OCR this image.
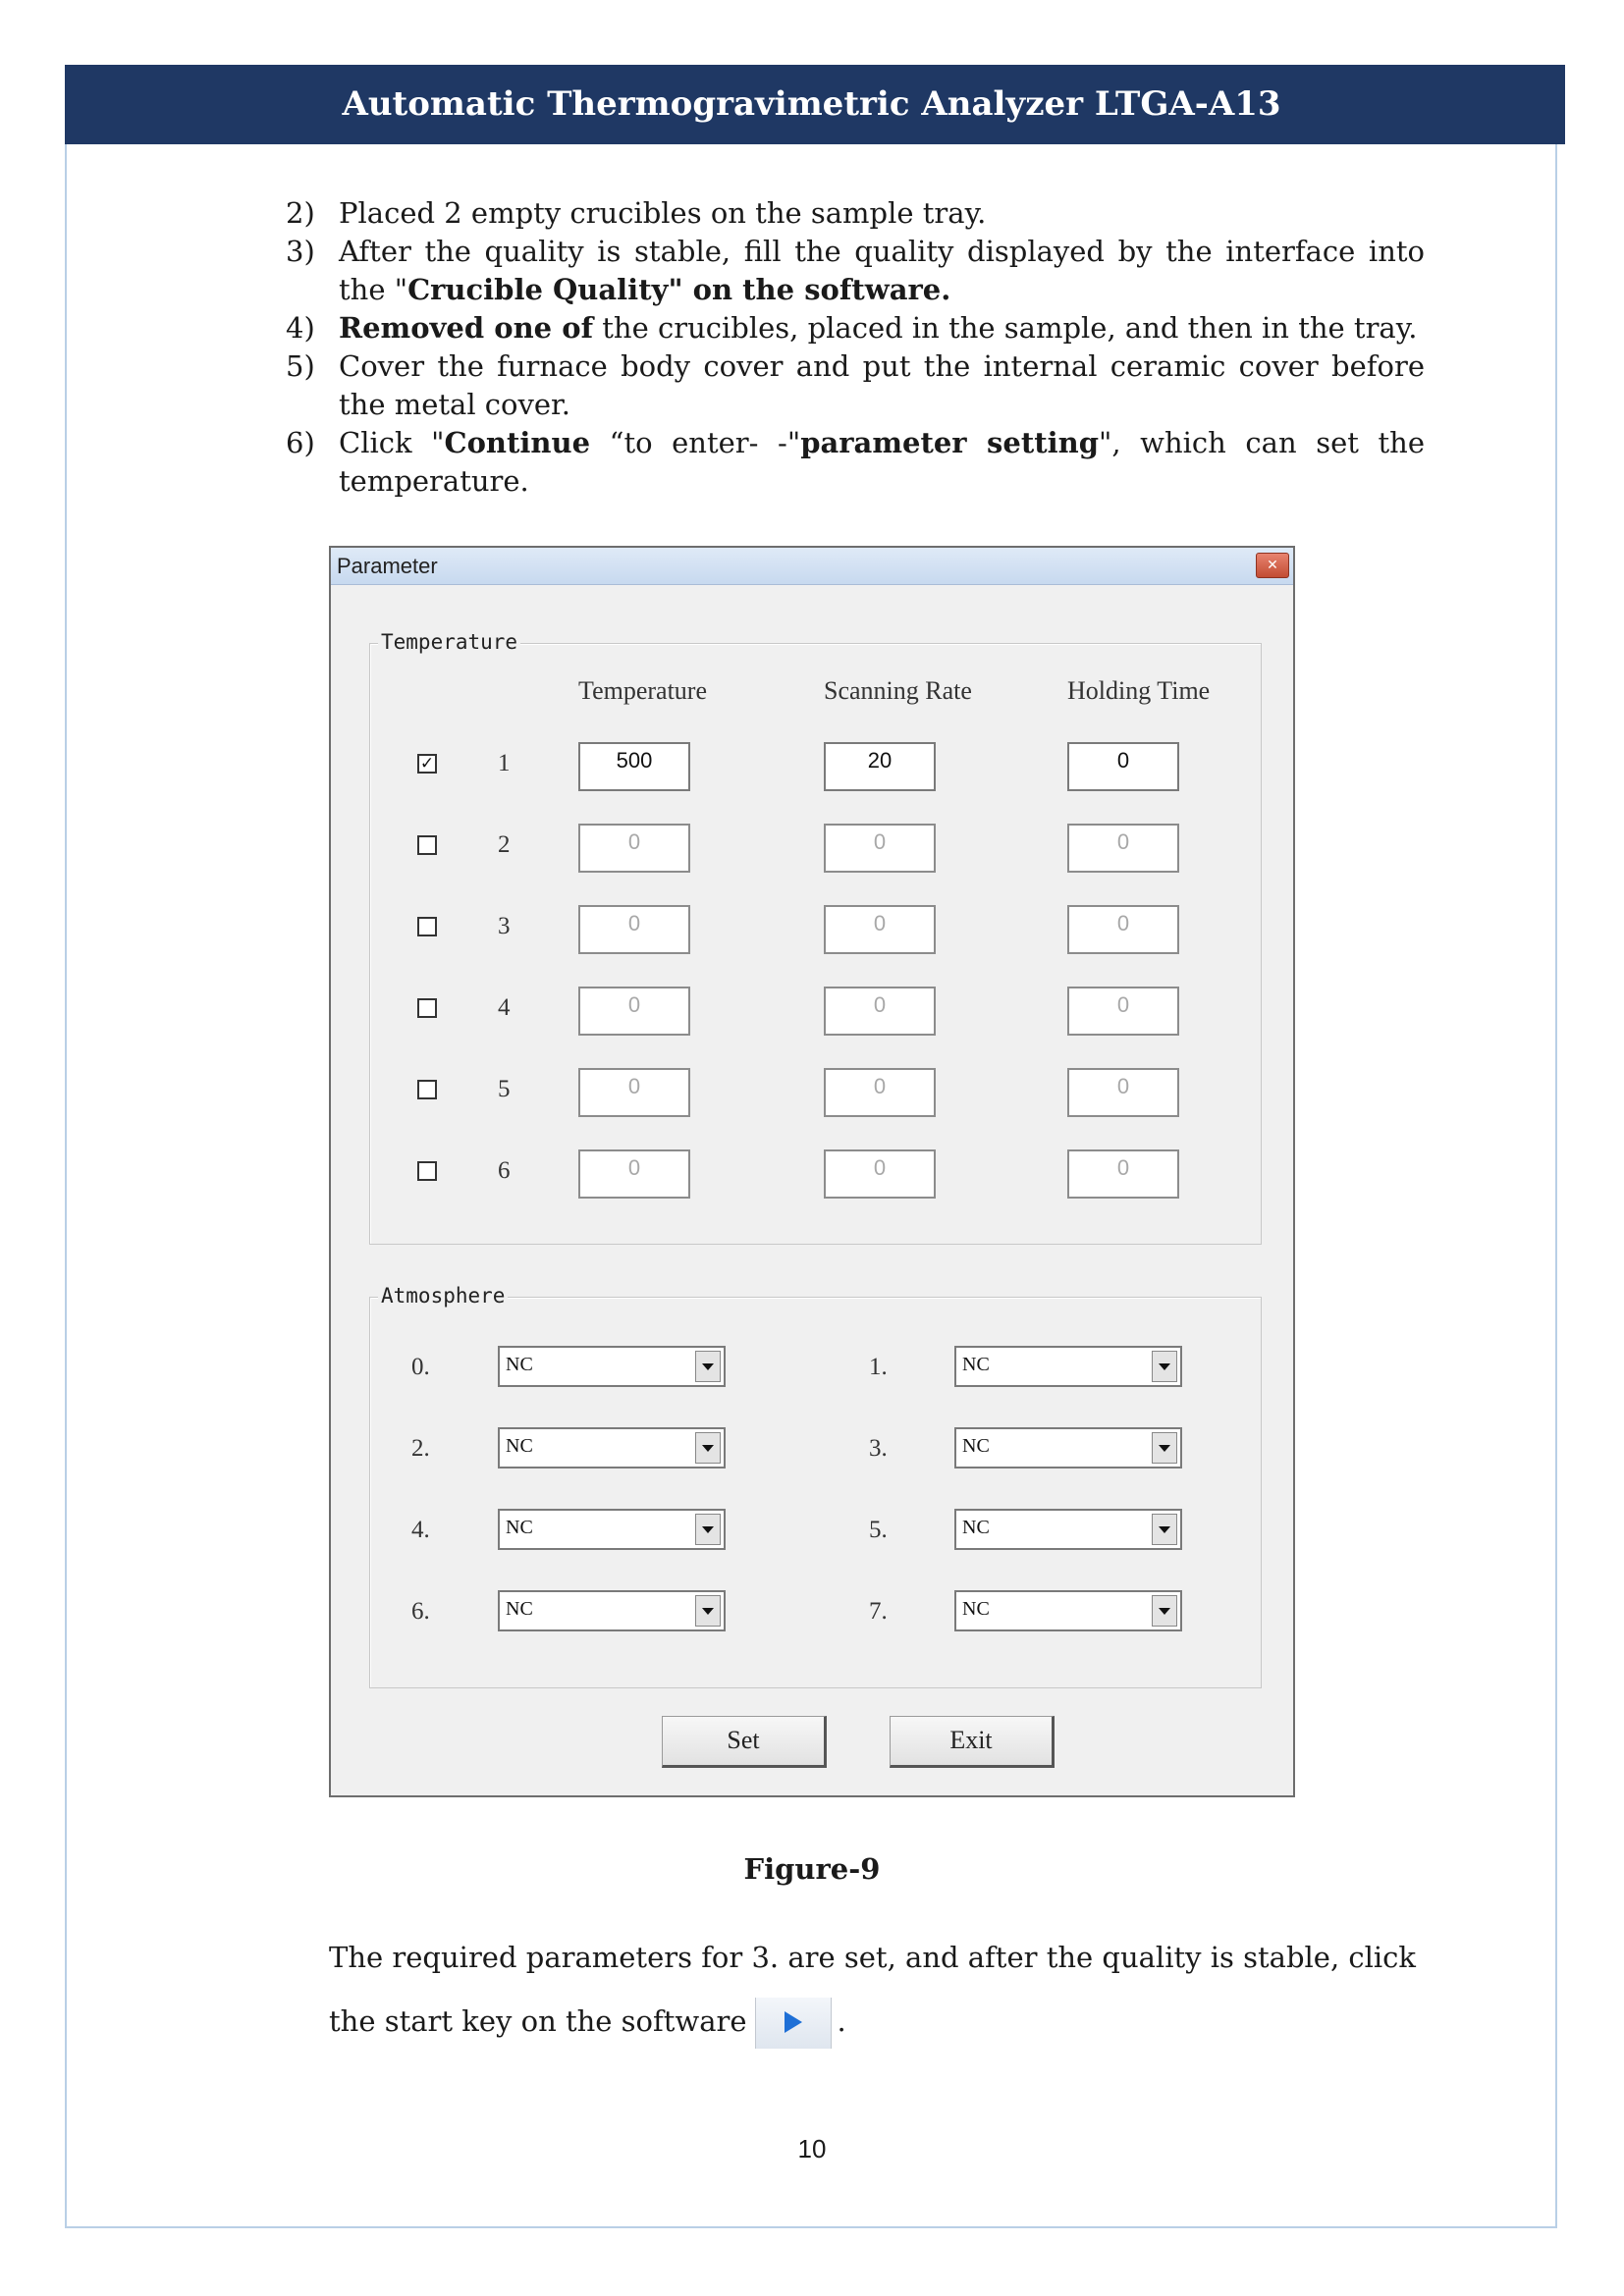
Automatic Thermogravimetric Analyzer LTGA-A13
2) Placed 2 empty crucibles on the sample tray.
3) After the quality is stable, fill the quality displayed by the interface into the "Crucible Quality" on the software.
4) Removed one of the crucibles, placed in the sample, and then in the tray.
5) Cover the furnace body cover and put the internal ceramic cover before the metal cover.
6) Click "Continue “to enter- -"parameter setting", which can set the temperature.
Parameter	✕
Temperature
Temperature	Scanning Rate	Holding Time
✓	1	500	20	0
2	0	0	0
3	0	0	0
4	0	0	0
5	0	0	0
6	0	0	0
Atmosphere
0.	NC	1.	NC
2.	NC	3.	NC
4.	NC	5.	NC
6.	NC	7.	NC
Set	Exit
Figure-9
The required parameters for 3. are set, and after the quality is stable, click the start key on the software	.
10
